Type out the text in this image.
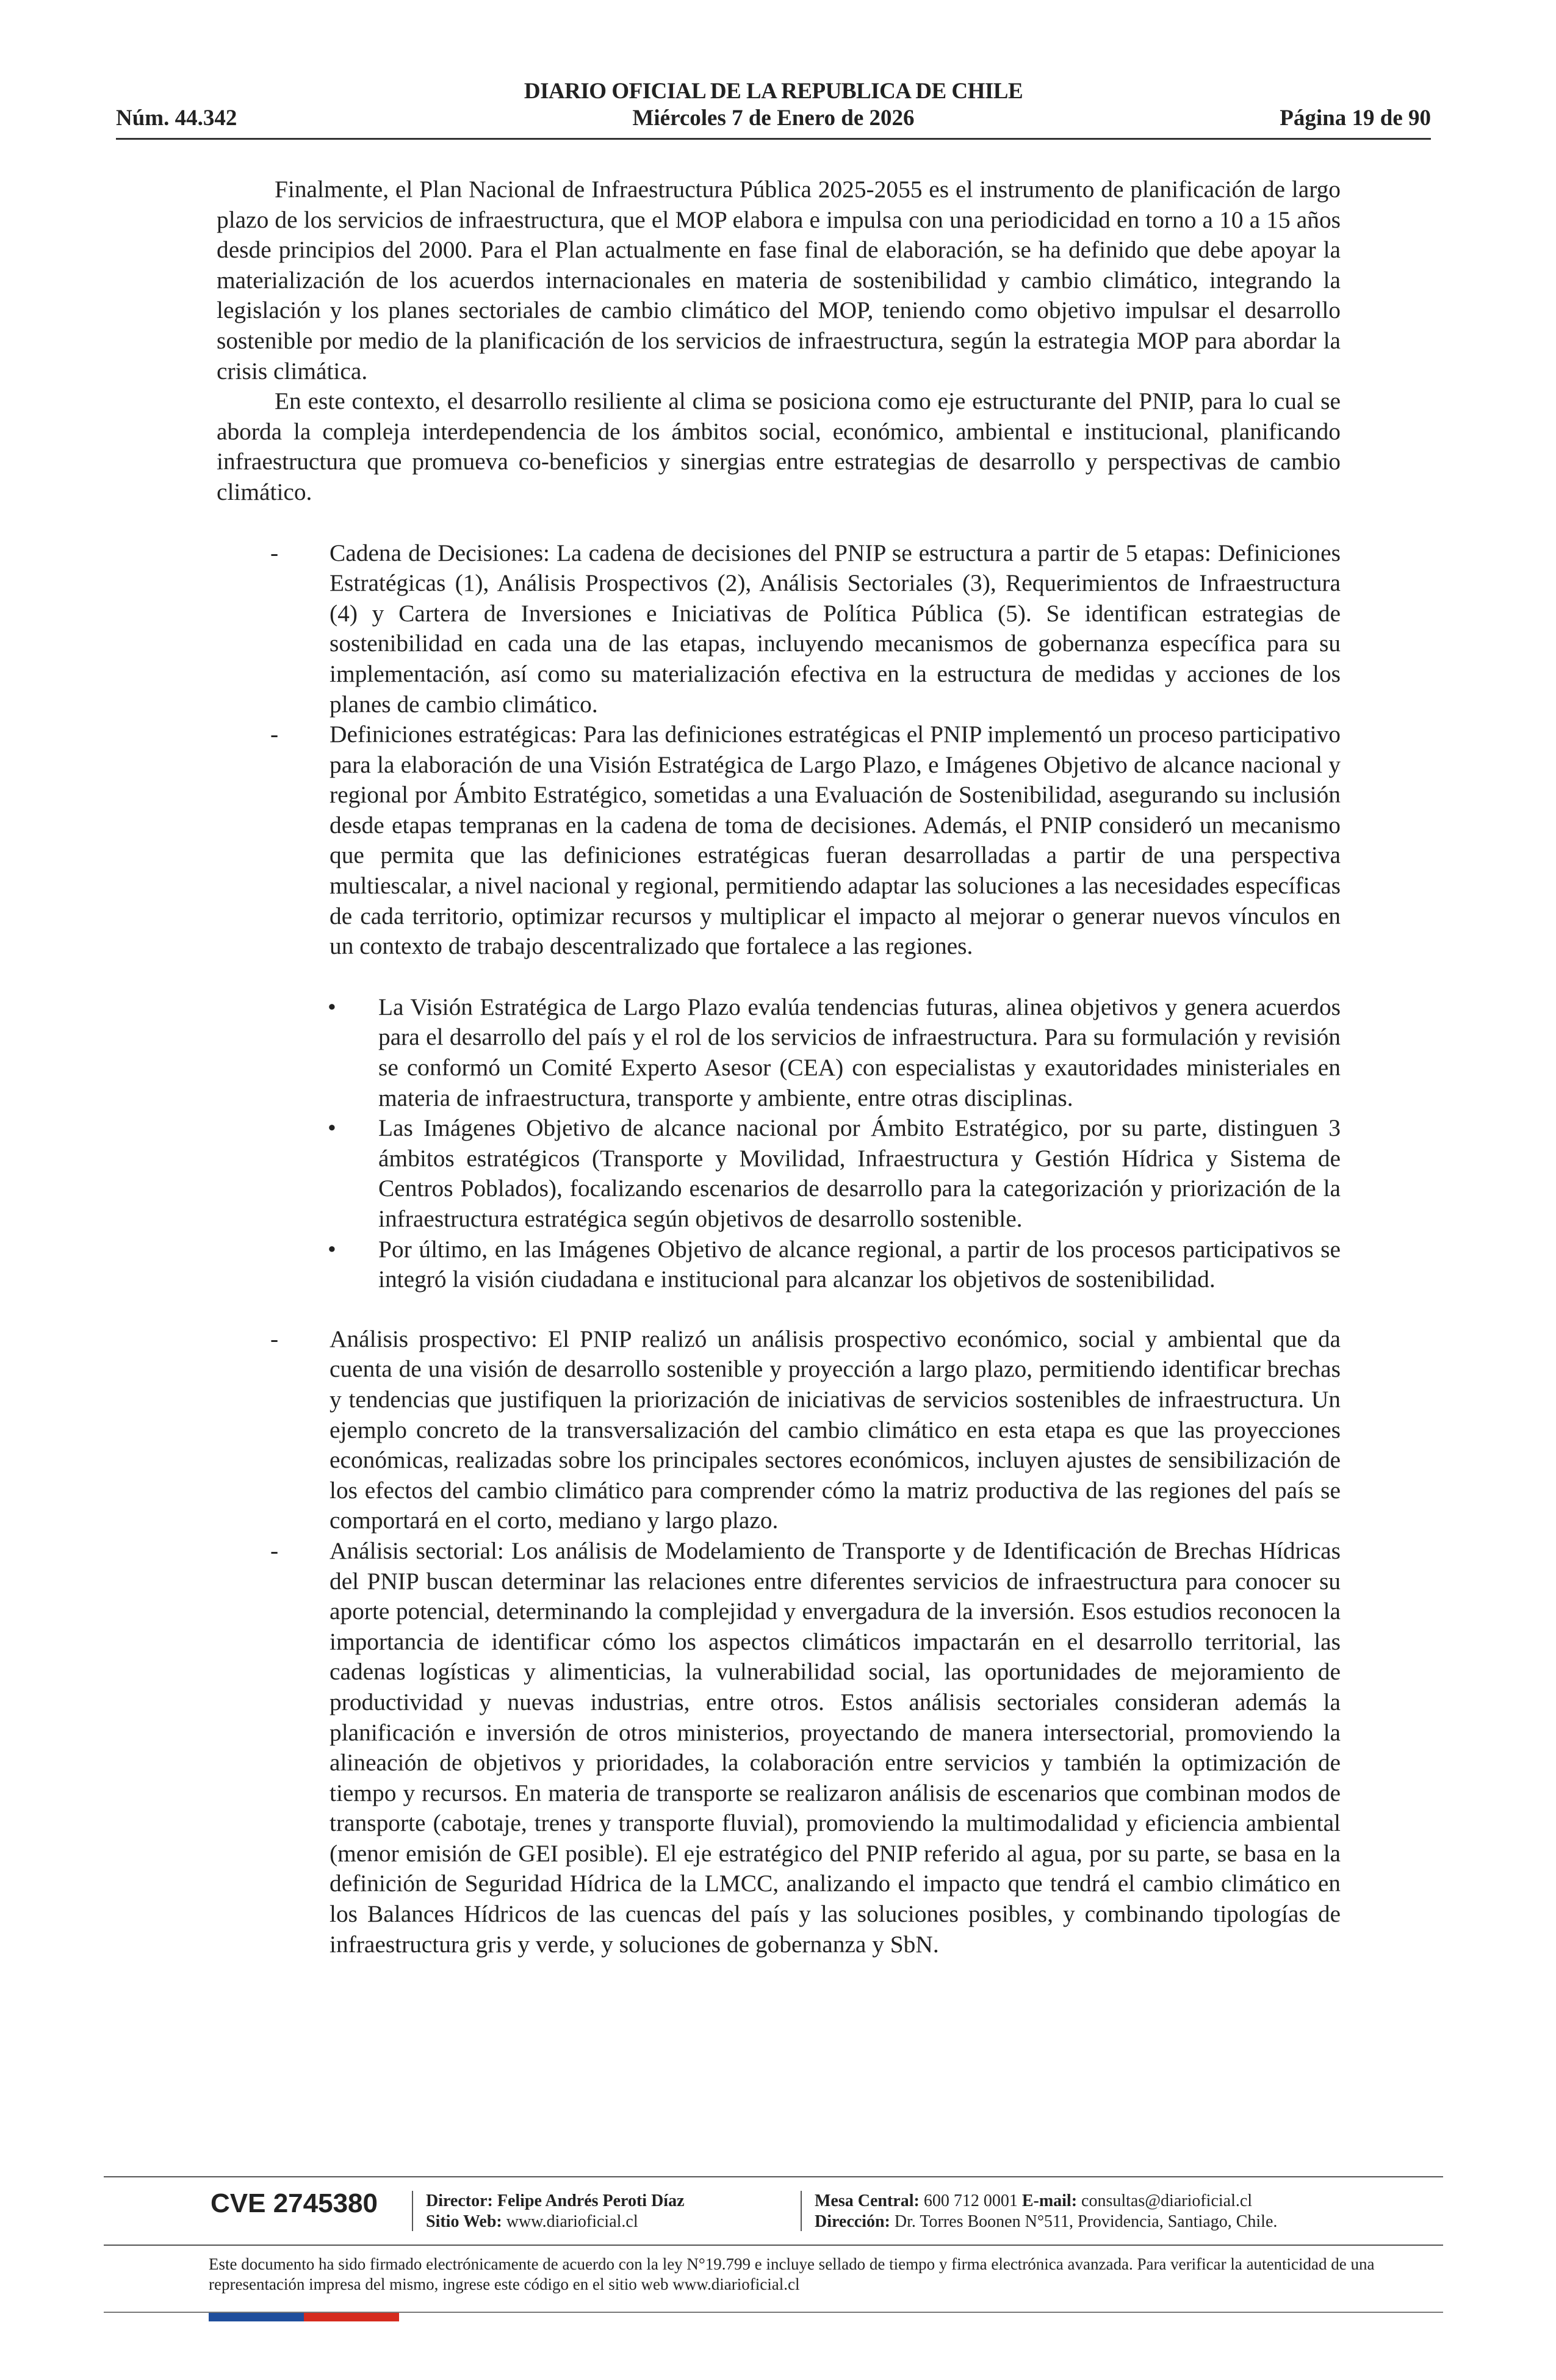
DIARIO OFICIAL DE LA REPUBLICA DE CHILE
Núm. 44.342	Miércoles 7 de Enero de 2026	Página 19 de 90

Finalmente, el Plan Nacional de Infraestructura Pública 2025-2055 es el instrumento de planificación de largo plazo de los servicios de infraestructura, que el MOP elabora e impulsa con una periodicidad en torno a 10 a 15 años desde principios del 2000. Para el Plan actualmente en fase final de elaboración, se ha definido que debe apoyar la materialización de los acuerdos internacionales en materia de sostenibilidad y cambio climático, integrando la legislación y los planes sectoriales de cambio climático del MOP, teniendo como objetivo impulsar el desarrollo sostenible por medio de la planificación de los servicios de infraestructura, según la estrategia MOP para abordar la crisis climática.

En este contexto, el desarrollo resiliente al clima se posiciona como eje estructurante del PNIP, para lo cual se aborda la compleja interdependencia de los ámbitos social, económico, ambiental e institucional, planificando infraestructura que promueva co-beneficios y sinergias entre estrategias de desarrollo y perspectivas de cambio climático.

- Cadena de Decisiones: La cadena de decisiones del PNIP se estructura a partir de 5 etapas: Definiciones Estratégicas (1), Análisis Prospectivos (2), Análisis Sectoriales (3), Requerimientos de Infraestructura (4) y Cartera de Inversiones e Iniciativas de Política Pública (5). Se identifican estrategias de sostenibilidad en cada una de las etapas, incluyendo mecanismos de gobernanza específica para su implementación, así como su materialización efectiva en la estructura de medidas y acciones de los planes de cambio climático.
- Definiciones estratégicas: Para las definiciones estratégicas el PNIP implementó un proceso participativo para la elaboración de una Visión Estratégica de Largo Plazo, e Imágenes Objetivo de alcance nacional y regional por Ámbito Estratégico, sometidas a una Evaluación de Sostenibilidad, asegurando su inclusión desde etapas tempranas en la cadena de toma de decisiones. Además, el PNIP consideró un mecanismo que permita que las definiciones estratégicas fueran desarrolladas a partir de una perspectiva multiescalar, a nivel nacional y regional, permitiendo adaptar las soluciones a las necesidades específicas de cada territorio, optimizar recursos y multiplicar el impacto al mejorar o generar nuevos vínculos en un contexto de trabajo descentralizado que fortalece a las regiones.
• La Visión Estratégica de Largo Plazo evalúa tendencias futuras, alinea objetivos y genera acuerdos para el desarrollo del país y el rol de los servicios de infraestructura. Para su formulación y revisión se conformó un Comité Experto Asesor (CEA) con especialistas y exautoridades ministeriales en materia de infraestructura, transporte y ambiente, entre otras disciplinas.
• Las Imágenes Objetivo de alcance nacional por Ámbito Estratégico, por su parte, distinguen 3 ámbitos estratégicos (Transporte y Movilidad, Infraestructura y Gestión Hídrica y Sistema de Centros Poblados), focalizando escenarios de desarrollo para la categorización y priorización de la infraestructura estratégica según objetivos de desarrollo sostenible.
• Por último, en las Imágenes Objetivo de alcance regional, a partir de los procesos participativos se integró la visión ciudadana e institucional para alcanzar los objetivos de sostenibilidad.
- Análisis prospectivo: El PNIP realizó un análisis prospectivo económico, social y ambiental que da cuenta de una visión de desarrollo sostenible y proyección a largo plazo, permitiendo identificar brechas y tendencias que justifiquen la priorización de iniciativas de servicios sostenibles de infraestructura. Un ejemplo concreto de la transversalización del cambio climático en esta etapa es que las proyecciones económicas, realizadas sobre los principales sectores económicos, incluyen ajustes de sensibilización de los efectos del cambio climático para comprender cómo la matriz productiva de las regiones del país se comportará en el corto, mediano y largo plazo.
- Análisis sectorial: Los análisis de Modelamiento de Transporte y de Identificación de Brechas Hídricas del PNIP buscan determinar las relaciones entre diferentes servicios de infraestructura para conocer su aporte potencial, determinando la complejidad y envergadura de la inversión. Esos estudios reconocen la importancia de identificar cómo los aspectos climáticos impactarán en el desarrollo territorial, las cadenas logísticas y alimenticias, la vulnerabilidad social, las oportunidades de mejoramiento de productividad y nuevas industrias, entre otros. Estos análisis sectoriales consideran además la planificación e inversión de otros ministerios, proyectando de manera intersectorial, promoviendo la alineación de objetivos y prioridades, la colaboración entre servicios y también la optimización de tiempo y recursos. En materia de transporte se realizaron análisis de escenarios que combinan modos de transporte (cabotaje, trenes y transporte fluvial), promoviendo la multimodalidad y eficiencia ambiental (menor emisión de GEI posible). El eje estratégico del PNIP referido al agua, por su parte, se basa en la definición de Seguridad Hídrica de la LMCC, analizando el impacto que tendrá el cambio climático en los Balances Hídricos de las cuencas del país y las soluciones posibles, y combinando tipologías de infraestructura gris y verde, y soluciones de gobernanza y SbN.
CVE 2745380	Director: Felipe Andrés Peroti Díaz
Sitio Web: www.diarioficial.cl
Mesa Central: 600 712 0001 E-mail: consultas@diarioficial.cl
Dirección: Dr. Torres Boonen N°511, Providencia, Santiago, Chile.
Este documento ha sido firmado electrónicamente de acuerdo con la ley N°19.799 e incluye sellado de tiempo y firma electrónica avanzada. Para verificar la autenticidad de una representación impresa del mismo, ingrese este código en el sitio web www.diarioficial.cl
